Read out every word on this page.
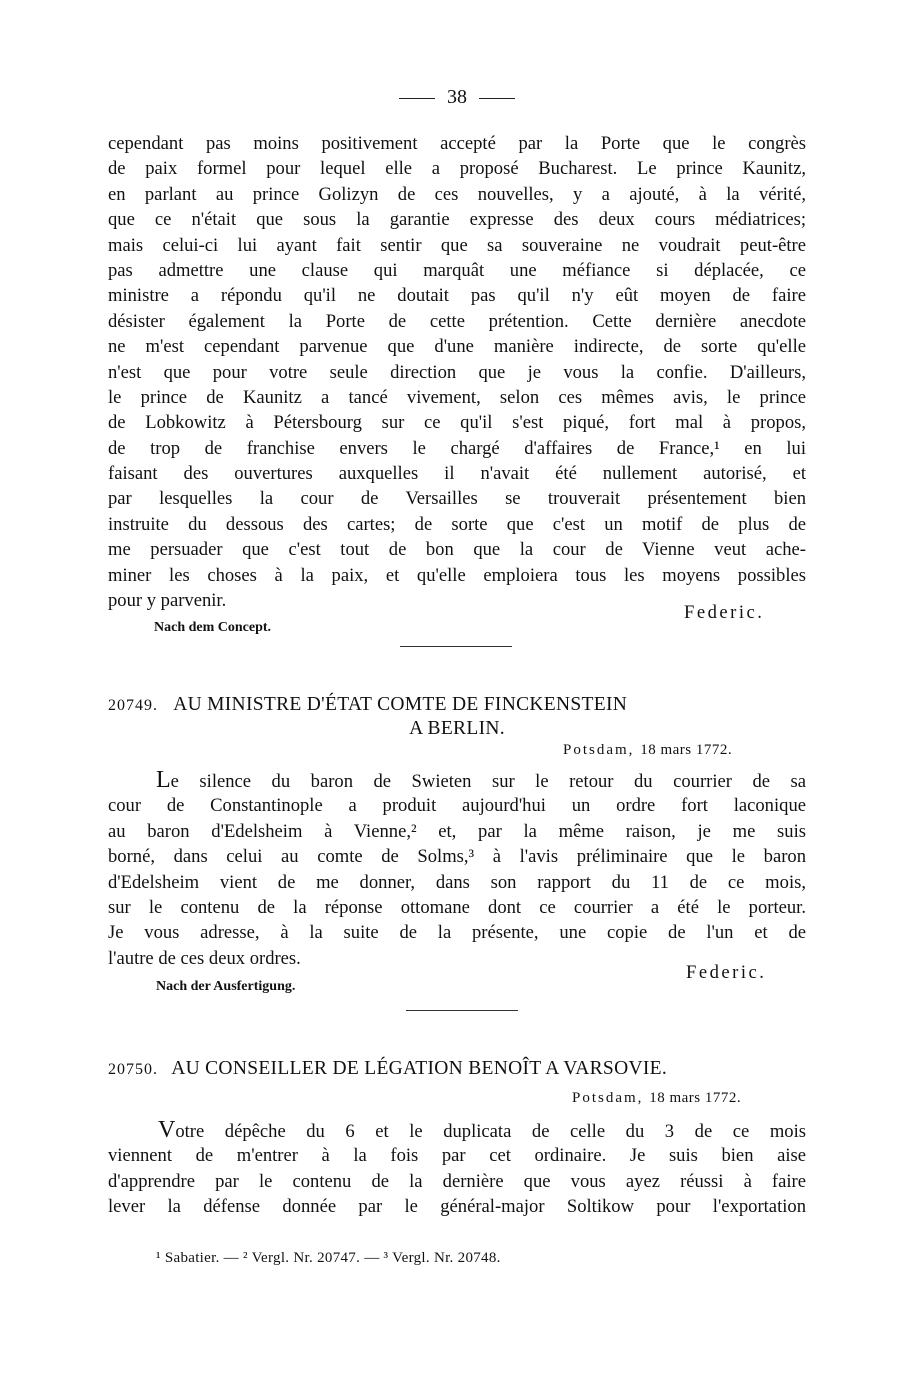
38
cependant pas moins positivement accepté par la Porte que le congrès
de paix formel pour lequel elle a proposé Bucharest. Le prince Kaunitz,
en parlant au prince Golizyn de ces nouvelles, y a ajouté, à la vérité,
que ce n'était que sous la garantie expresse des deux cours médiatrices;
mais celui-ci lui ayant fait sentir que sa souveraine ne voudrait peut-être
pas admettre une clause qui marquât une méfiance si déplacée, ce
ministre a répondu qu'il ne doutait pas qu'il n'y eût moyen de faire
désister également la Porte de cette prétention. Cette dernière anecdote
ne m'est cependant parvenue que d'une manière indirecte, de sorte qu'elle
n'est que pour votre seule direction que je vous la confie. D'ailleurs,
le prince de Kaunitz a tancé vivement, selon ces mêmes avis, le prince
de Lobkowitz à Pétersbourg sur ce qu'il s'est piqué, fort mal à propos,
de trop de franchise envers le chargé d'affaires de France,¹ en lui
faisant des ouvertures auxquelles il n'avait été nullement autorisé, et
par lesquelles la cour de Versailles se trouverait présentement bien
instruite du dessous des cartes; de sorte que c'est un motif de plus de
me persuader que c'est tout de bon que la cour de Vienne veut ache-
miner les choses à la paix, et qu'elle emploiera tous les moyens possibles
pour y parvenir.
Federic.
Nach dem Concept.
20749. AU MINISTRE D'ÉTAT COMTE DE FINCKENSTEIN
A BERLIN.
Potsdam, 18 mars 1772.
Le silence du baron de Swieten sur le retour du courrier de sa
cour de Constantinople a produit aujourd'hui un ordre fort laconique
au baron d'Edelsheim à Vienne,² et, par la même raison, je me suis
borné, dans celui au comte de Solms,³ à l'avis préliminaire que le baron
d'Edelsheim vient de me donner, dans son rapport du 11 de ce mois,
sur le contenu de la réponse ottomane dont ce courrier a été le porteur.
Je vous adresse, à la suite de la présente, une copie de l'un et de
l'autre de ces deux ordres.
Federic.
Nach der Ausfertigung.
20750. AU CONSEILLER DE LÉGATION BENOÎT A VARSOVIE.
Potsdam, 18 mars 1772.
Votre dépêche du 6 et le duplicata de celle du 3 de ce mois
viennent de m'entrer à la fois par cet ordinaire. Je suis bien aise
d'apprendre par le contenu de la dernière que vous ayez réussi à faire
lever la défense donnée par le général-major Soltikow pour l'exportation
¹ Sabatier. — ² Vergl. Nr. 20747. — ³ Vergl. Nr. 20748.
